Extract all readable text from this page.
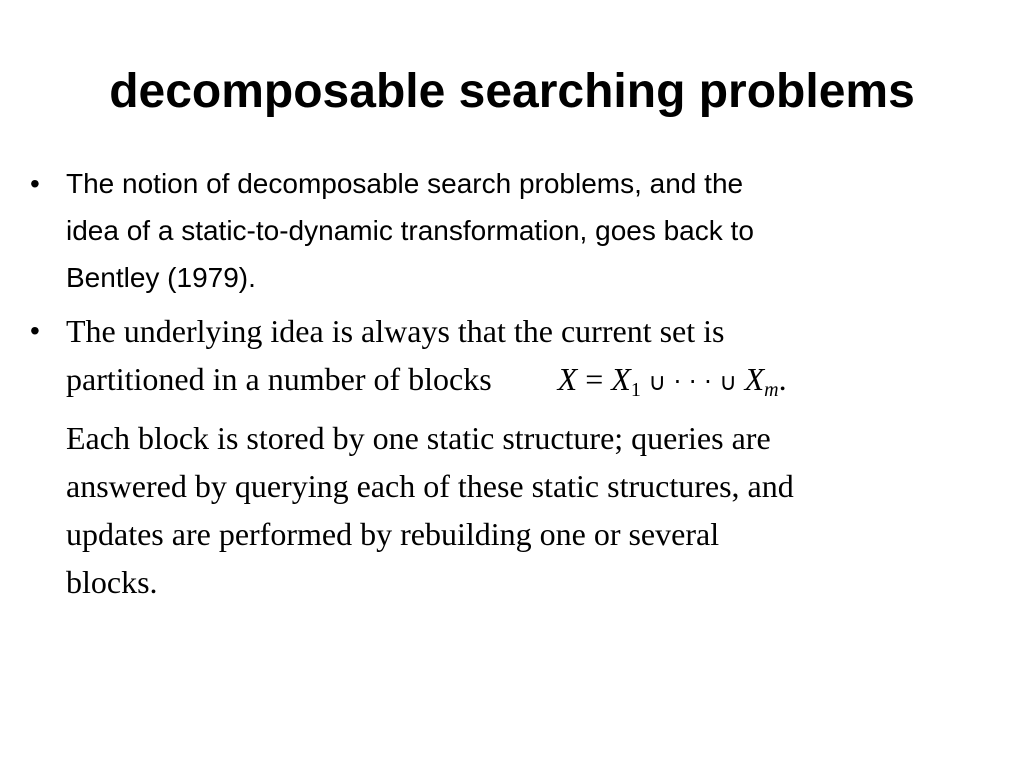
decomposable searching problems
• The notion of decomposable search problems, and the
idea of a static-to-dynamic transformation, goes back to
Bentley (1979).
• The underlying idea is always that the current set is
partitioned in a number of blocks $X = X_1$ ∪ · · · ∪ $X_m$.
Each block is stored by one static structure; queries are
answered by querying each of these static structures, and
updates are performed by rebuilding one or several
blocks.
